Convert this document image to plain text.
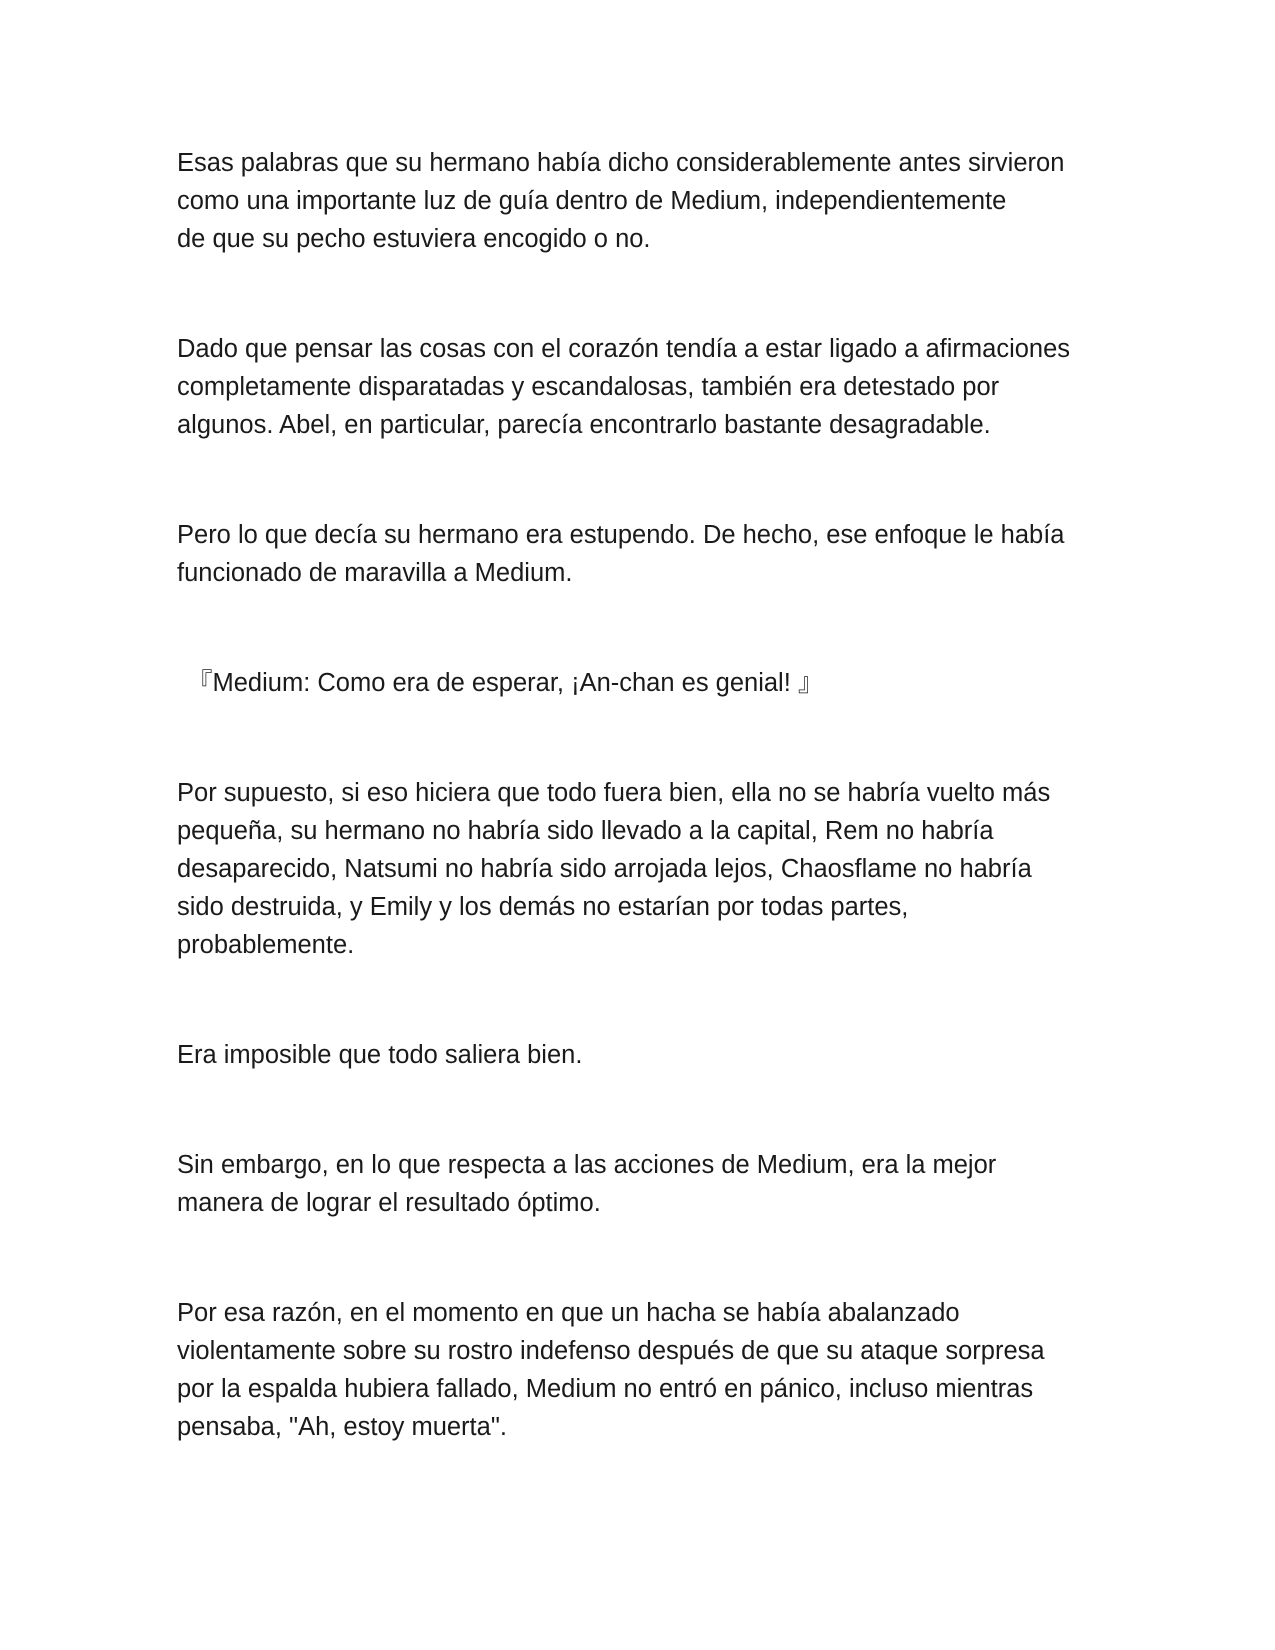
Esas palabras que su hermano había dicho considerablemente antes sirvieron
como una importante luz de guía dentro de Medium, independientemente
de que su pecho estuviera encogido o no.

Dado que pensar las cosas con el corazón tendía a estar ligado a afirmaciones
completamente disparatadas y escandalosas, también era detestado por
algunos. Abel, en particular, parecía encontrarlo bastante desagradable.

Pero lo que decía su hermano era estupendo. De hecho, ese enfoque le había
funcionado de maravilla a Medium.

『Medium: Como era de esperar, ¡An-chan es genial! 』

Por supuesto, si eso hiciera que todo fuera bien, ella no se habría vuelto más
pequeña, su hermano no habría sido llevado a la capital, Rem no habría
desaparecido, Natsumi no habría sido arrojada lejos, Chaosflame no habría
sido destruida, y Emily y los demás no estarían por todas partes,
probablemente.

Era imposible que todo saliera bien.

Sin embargo, en lo que respecta a las acciones de Medium, era la mejor
manera de lograr el resultado óptimo.

Por esa razón, en el momento en que un hacha se había abalanzado
violentamente sobre su rostro indefenso después de que su ataque sorpresa
por la espalda hubiera fallado, Medium no entró en pánico, incluso mientras
pensaba, "Ah, estoy muerta".
